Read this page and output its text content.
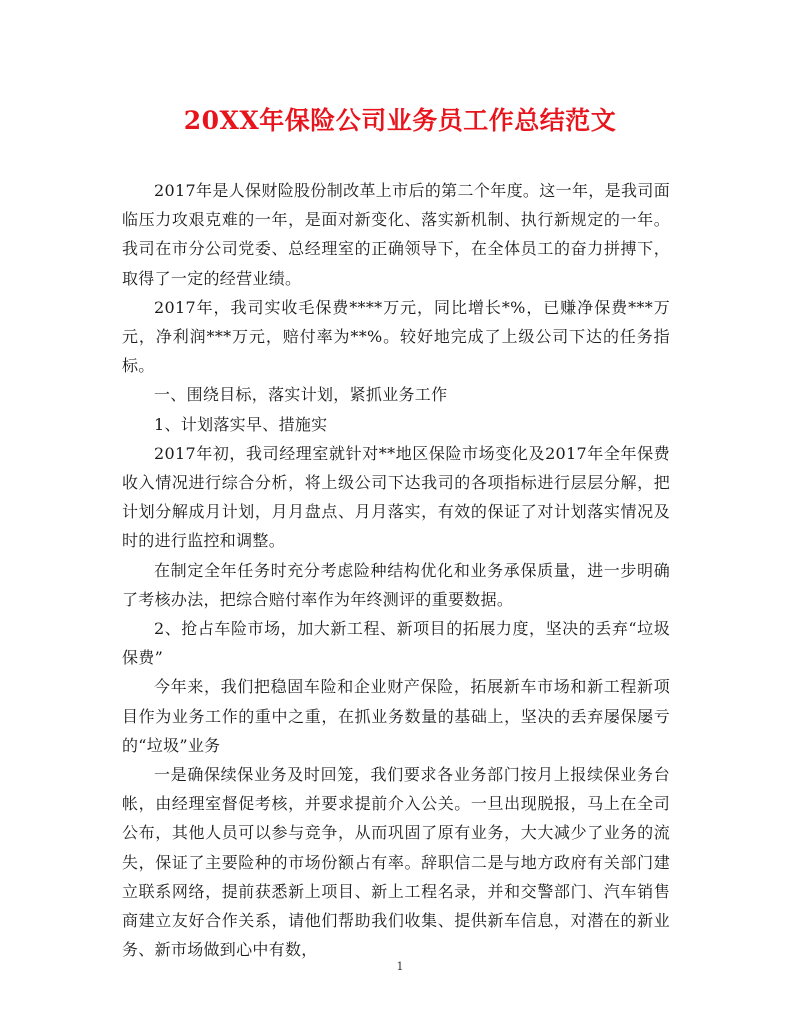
20XX年保险公司业务员工作总结范文

2017年是人保财险股份制改革上市后的第二个年度。这一年，是我司面临压力攻艰克难的一年，是面对新变化、落实新机制、执行新规定的一年。我司在市分公司党委、总经理室的正确领导下，在全体员工的奋力拼搏下，取得了一定的经营业绩。

2017年，我司实收毛保费****万元，同比增长*%，已赚净保费***万元，净利润***万元，赔付率为**%。较好地完成了上级公司下达的任务指标。

一、围绕目标，落实计划，紧抓业务工作

1、计划落实早、措施实

2017年初，我司经理室就针对**地区保险市场变化及2017年全年保费收入情况进行综合分析，将上级公司下达我司的各项指标进行层层分解，把计划分解成月计划，月月盘点、月月落实，有效的保证了对计划落实情况及时的进行监控和调整。

在制定全年任务时充分考虑险种结构优化和业务承保质量，进一步明确了考核办法，把综合赔付率作为年终测评的重要数据。

2、抢占车险市场，加大新工程、新项目的拓展力度，坚决的丢弃“垃圾保费”

今年来，我们把稳固车险和企业财产保险，拓展新车市场和新工程新项目作为业务工作的重中之重，在抓业务数量的基础上，坚决的丢弃屡保屡亏的“垃圾”业务

一是确保续保业务及时回笼，我们要求各业务部门按月上报续保业务台帐，由经理室督促考核，并要求提前介入公关。一旦出现脱报，马上在全司公布，其他人员可以参与竞争，从而巩固了原有业务，大大减少了业务的流失，保证了主要险种的市场份额占有率。辞职信二是与地方政府有关部门建立联系网络，提前获悉新上项目、新上工程名录，并和交警部门、汽车销售商建立友好合作关系，请他们帮助我们收集、提供新车信息，对潜在的新业务、新市场做到心中有数，

1
